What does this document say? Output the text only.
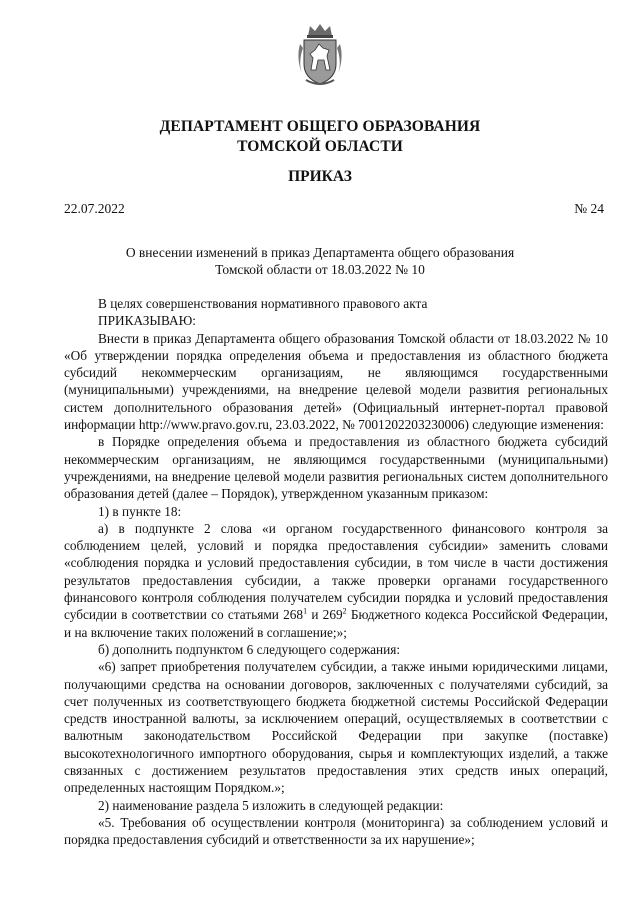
ДЕПАРТАМЕНТ ОБЩЕГО ОБРАЗОВАНИЯ
ТОМСКОЙ ОБЛАСТИ
ПРИКАЗ
22.07.2022	№ 24
О внесении изменений в приказ Департамента общего образования
Томской области от 18.03.2022 № 10

В целях совершенствования нормативного правового акта

ПРИКАЗЫВАЮ:

Внести в приказ Департамента общего образования Томской области от 18.03.2022 № 10 «Об утверждении порядка определения объема и предоставления из областного бюджета субсидий некоммерческим организациям, не являющимся государственными (муниципальными) учреждениями, на внедрение целевой модели развития региональных систем дополнительного образования детей» (Официальный интернет-портал правовой информации http://www.pravo.gov.ru, 23.03.2022, № 7001202203230006) следующие изменения:

в Порядке определения объема и предоставления из областного бюджета субсидий некоммерческим организациям, не являющимся государственными (муниципальными) учреждениями, на внедрение целевой модели развития региональных систем дополнительного образования детей (далее – Порядок), утвержденном указанным приказом:

1) в пункте 18:

а) в подпункте 2 слова «и органом государственного финансового контроля за соблюдением целей, условий и порядка предоставления субсидии» заменить словами «соблюдения порядка и условий предоставления субсидии, в том числе в части достижения результатов предоставления субсидии, а также проверки органами государственного финансового контроля соблюдения получателем субсидии порядка и условий предоставления субсидии в соответствии со статьями $268^1$ и $269^2$ Бюджетного кодекса Российской Федерации, и на включение таких положений в соглашение;»;

б) дополнить подпунктом 6 следующего содержания:

«6) запрет приобретения получателем субсидии, а также иными юридическими лицами, получающими средства на основании договоров, заключенных с получателями субсидий, за счет полученных из соответствующего бюджета бюджетной системы Российской Федерации средств иностранной валюты, за исключением операций, осуществляемых в соответствии с валютным законодательством Российской Федерации при закупке (поставке) высокотехнологичного импортного оборудования, сырья и комплектующих изделий, а также связанных с достижением результатов предоставления этих средств иных операций, определенных настоящим Порядком.»;

2) наименование раздела 5 изложить в следующей редакции:

«5. Требования об осуществлении контроля (мониторинга) за соблюдением условий и порядка предоставления субсидий и ответственности за их нарушение»;
